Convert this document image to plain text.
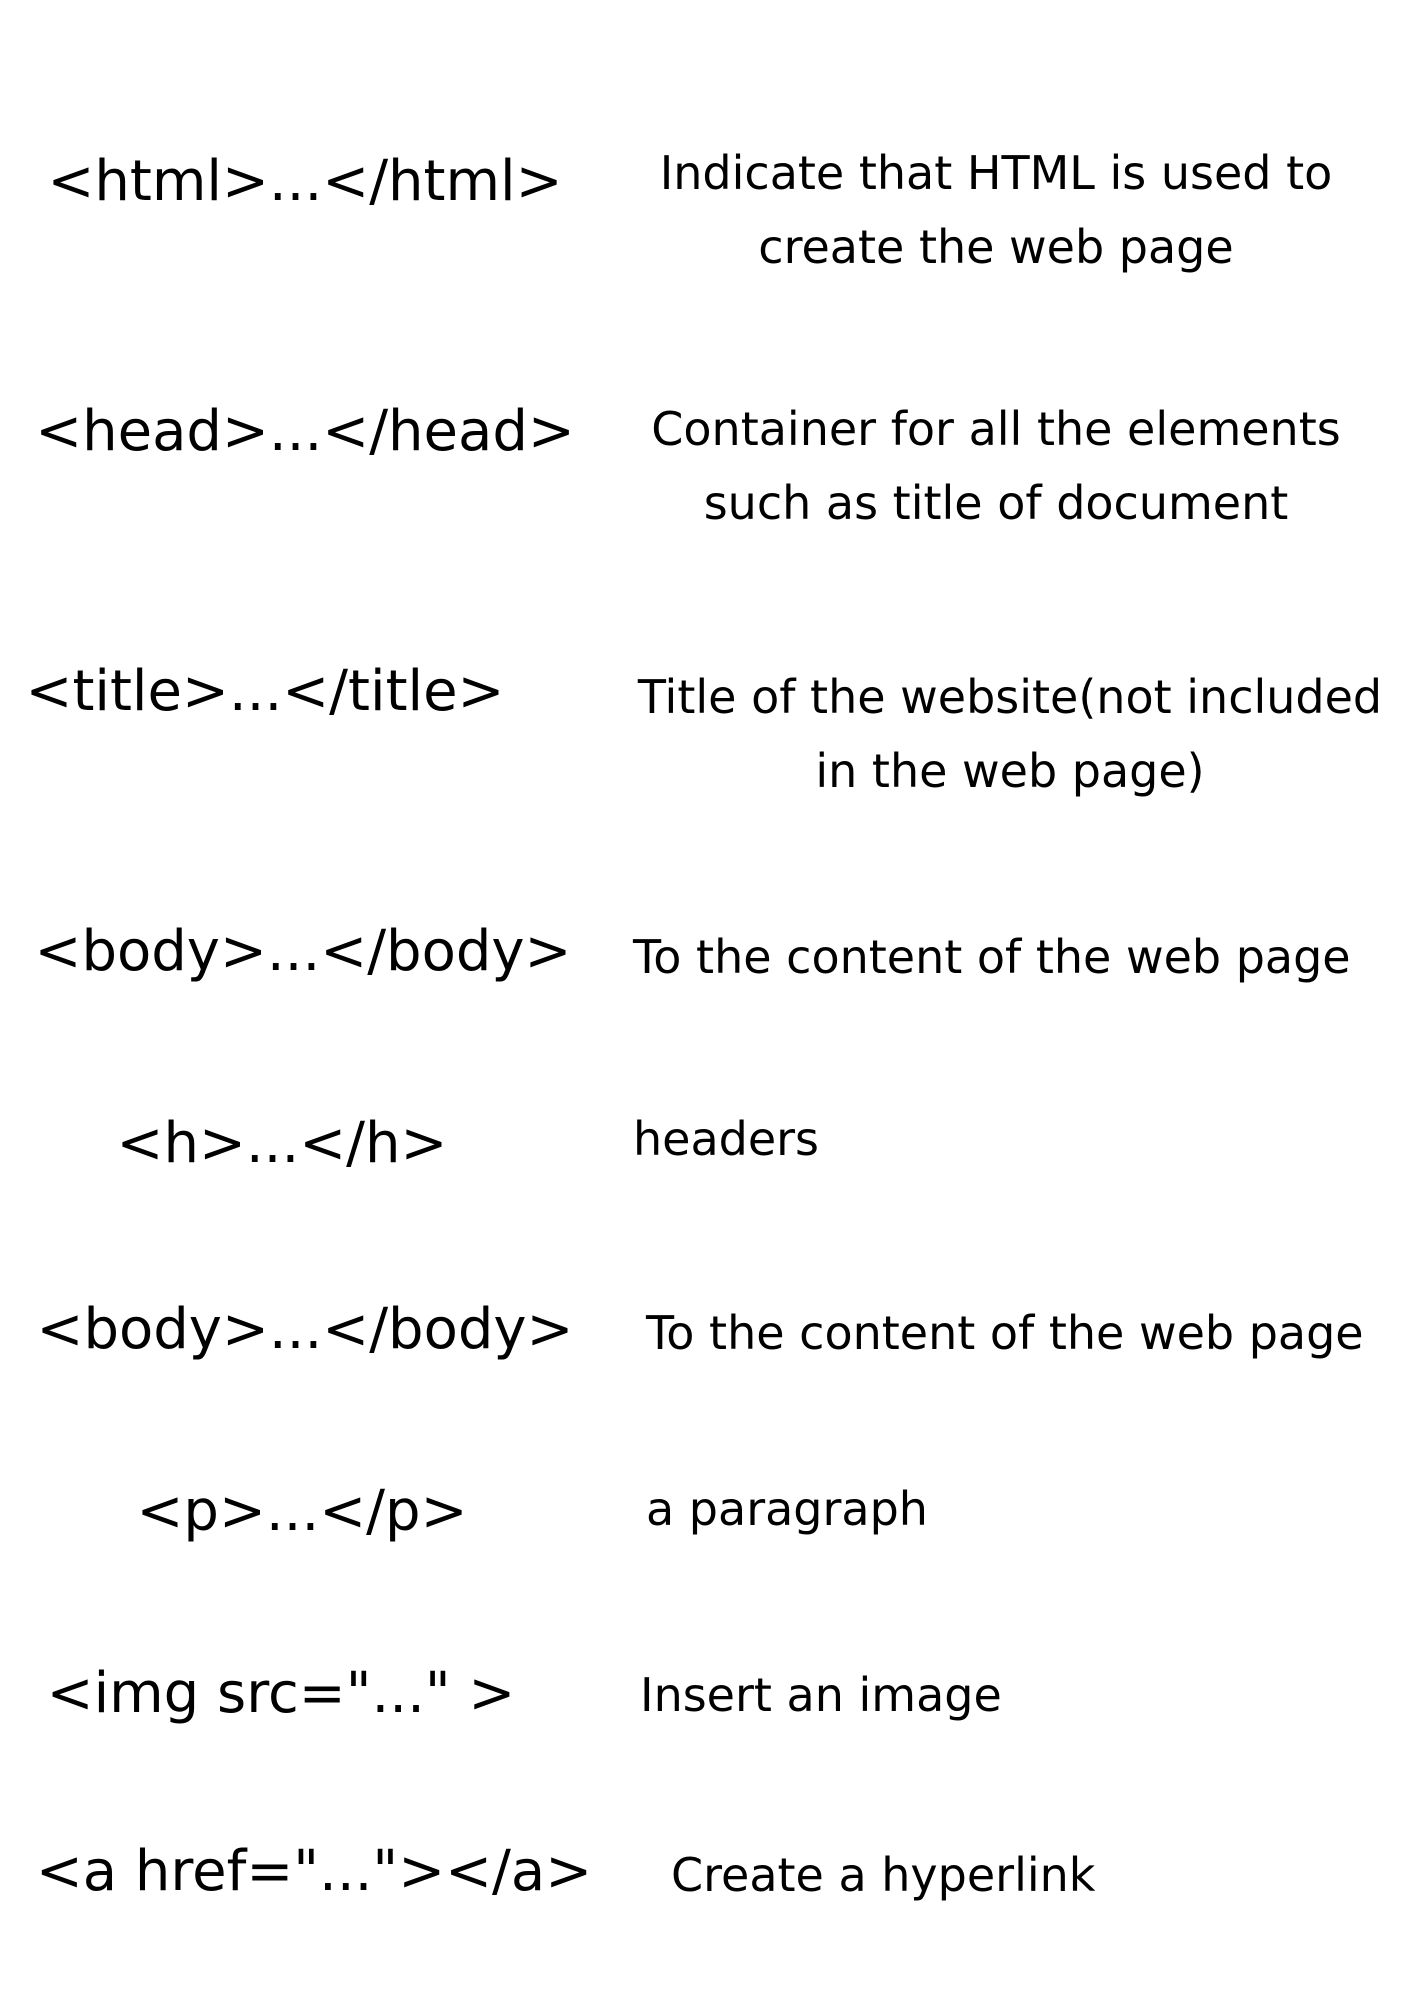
<html>...</html> Indicate that HTML is used to
create the web page
<head>...</head> Container for all the elements
such as title of document
<title>...</title>	Title of the website(not included
in the web page)
<body>...</body> To the content of the web page
<h>...</h>	headers
<body>...</body> To the content of the web page
<p>...</p>	a paragraph
<img src="..." >	Insert an image
<a href="..."></a> Create a hyperlink
